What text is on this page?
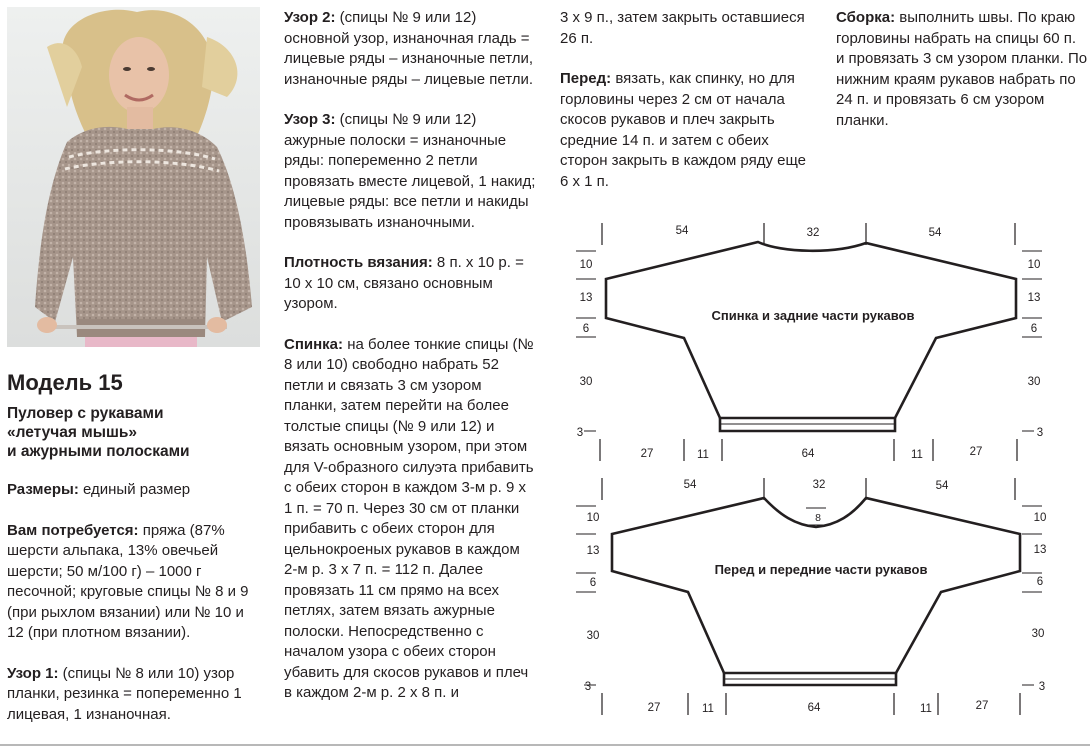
Модель 15
Пуловер с рукавами
«летучая мышь»
и ажурными полосками

Размеры: единый размер

Вам потребуется: пряжа (87% шерсти альпака, 13% овечьей шерсти; 50 м/100 г) – 1000 г песочной; круговые спицы № 8 и 9 (при рыхлом вязании) или № 10 и 12 (при плотном вязании).

Узор 1: (спицы № 8 или 10) узор планки, резинка = попеременно 1 лицевая, 1 изнаночная.

Узор 2: (спицы № 9 или 12) основной узор, изнаночная гладь = лицевые ряды – изнаночные петли, изнаночные ряды – лицевые петли.

Узор 3: (спицы № 9 или 12) ажурные полоски = изнаночные ряды: попеременно 2 петли провязать вместе лицевой, 1 накид; лицевые ряды: все петли и накиды провязывать изнаночными.

Плотность вязания: 8 п. х 10 р. = 10 х 10 см, связано основным узором.

Спинка: на более тонкие спицы (№ 8 или 10) свободно набрать 52 петли и связать 3 см узором планки, затем перейти на более толстые спицы (№ 9 или 12) и вязать основным узором, при этом для V-образного силуэта прибавить с обеих сторон в каждом 3-м р. 9 х 1 п. = 70 п. Через 30 см от планки прибавить с обеих сторон для цельнокроеных рукавов в каждом 2-м р. 3 х 7 п. = 112 п. Далее провязать 11 см прямо на всех петлях, затем вязать ажурные полоски. Непосредственно с началом узора с обеих сторон убавить для скосов рукавов и плеч в каждом 2-м р. 2 х 8 п. и

3 х 9 п., затем закрыть оставшиеся 26 п.

Перед: вязать, как спинку, но для горловины через 2 см от начала скосов рукавов и плеч закрыть средние 14 п. и затем с обеих сторон закрыть в каждом ряду еще 6 х 1 п.

Сборка: выполнить швы. По краю горловины набрать на спицы 60 п. и провязать 3 см узором планки. По нижним краям рукавов набрать по 24 п. и провязать 6 см узором планки.

54	32	54
10
13
6
30
3
10
13
6
30
3
27	11	64	11	27
Спинка и задние части рукавов
54	32	54
8
10
13
6
30
3
10
13
6
30
3
27	11	64	11	27
Перед и передние части рукавов
